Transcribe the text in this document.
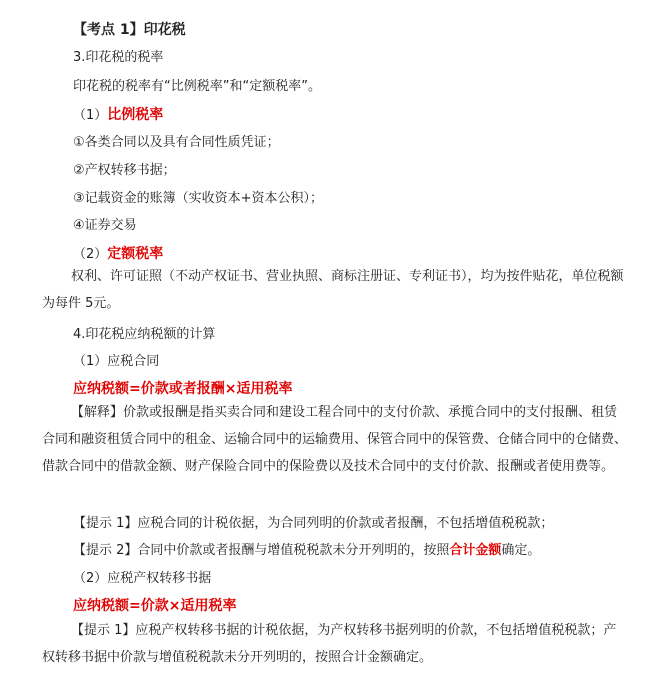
【考点 1】印花税
3.印花税的税率
印花税的税率有“比例税率”和“定额税率”。
（1）比例税率
①各类合同以及具有合同性质凭证；
②产权转移书据；
③记载资金的账簿（实收资本+资本公积）；
④证券交易
（2）定额税率
权利、许可证照（不动产权证书、营业执照、商标注册证、专利证书），均为按件贴花，单位税额为每件 5元。
4.印花税应纳税额的计算
（1）应税合同
应纳税额=价款或者报酬×适用税率
【解释】价款或报酬是指买卖合同和建设工程合同中的支付价款、承揽合同中的支付报酬、租赁合同和融资租赁合同中的租金、运输合同中的运输费用、保管合同中的保管费、仓储合同中的仓储费、借款合同中的借款金额、财产保险合同中的保险费以及技术合同中的支付价款、报酬或者使用费等。
【提示 1】应税合同的计税依据，为合同列明的价款或者报酬，不包括增值税税款；
【提示 2】合同中价款或者报酬与增值税税款未分开列明的，按照合计金额确定。
（2）应税产权转移书据
应纳税额=价款×适用税率
【提示 1】应税产权转移书据的计税依据，为产权转移书据列明的价款，不包括增值税税款；产权转移书据中价款与增值税税款未分开列明的，按照合计金额确定。
